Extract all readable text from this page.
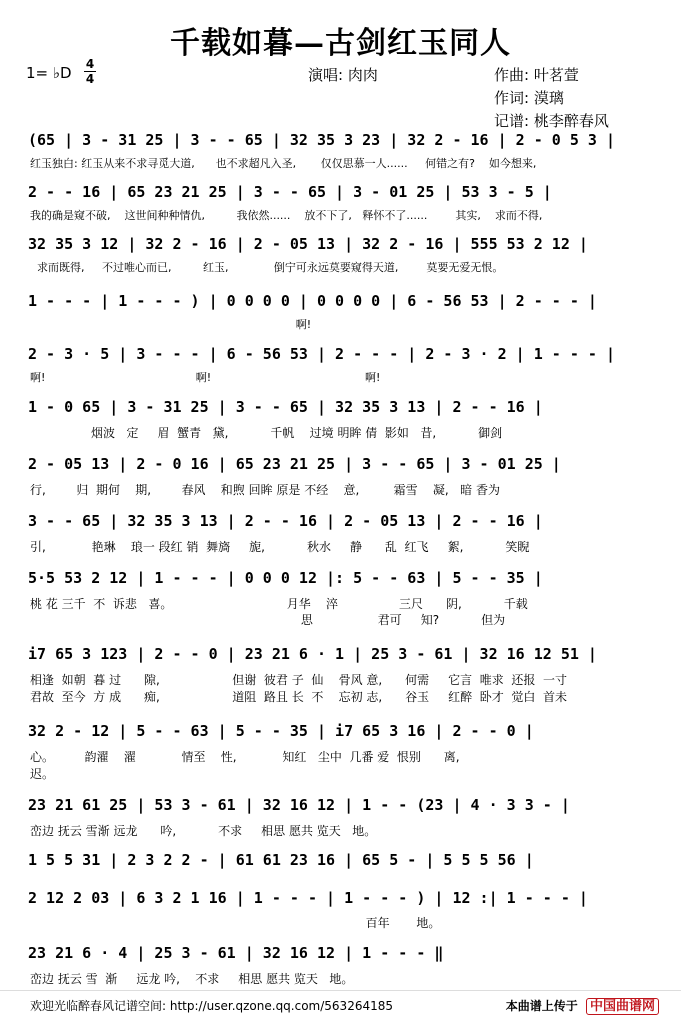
千载如暮—古剑红玉同人
1= ♭D 4
4	演唱: 肉肉	作曲: 叶茗萱
作词: 漠璃
记谱: 桃李醉春风
(65 | 3 - 31 25 | 3 - - 65 | 32 35 3 23 | 32 2 - 16 | 2 - 0 5 3 |
红玉独白: 红玉从来不求寻觅大道,      也不求超凡入圣,       仅仅思慕一人......     何错之有?    如今想来,
2 - - 16 | 65 23 21 25 | 3 - - 65 | 3 - 01 25 | 53 3 - 5 |
我的确是窥不破,    这世间种种情仇,         我依然......    放不下了,   释怀不了......        其实,    求而不得,
32 35 3 12 | 32 2 - 16 | 2 - 05 13 | 32 2 - 16 | 555 53 2 12 |
求而既得,     不过唯心而已,         红玉,             倒宁可永远莫要窥得天道,        莫要无爱无恨。
1 - - - | 1 - - - ) | 0 0 0 0 | 0 0 0 0 | 6 - 56 53 | 2 - - - |
啊!
2 - 3 · 5 | 3 - - - | 6 - 56 53 | 2 - - - | 2 - 3 · 2 | 1 - - - |
啊!                                           啊!                                            啊!
1 - 0 65 | 3 - 31 25 | 3 - - 65 | 32 35 3 13 | 2 - - 16 |
烟波   定     眉  蟹青   黛,           千帆    过境 明眸 倩  影如   昔,           御剑
2 - 05 13 | 2 - 0 16 | 65 23 21 25 | 3 - - 65 | 3 - 01 25 |
行,        归  期何    期,        春风    和煦 回眸 原是 不经    意,         霜雪    凝,   暗 香为
3 - - 65 | 32 35 3 13 | 2 - - 16 | 2 - 05 13 | 2 - - 16 |
引,            艳琳    琅一 段红 销  舞旖     旎,           秋水     静      乱  红飞     絮,           笑睨
5·5 53 2 12 | 1 - - - | 0 0 0 12 |: 5 - - 63 | 5 - - 35 |
桃 花 三千  不  诉悲   喜。                              月华    淬                三尺      阴,           千载
思                 君可     知?           但为
i7 65 3 123 | 2 - - 0 | 23 21 6 · 1 | 25 3 - 61 | 32 16 12 51 |
相逢  如朝  暮 过      隙,                   但谢  彼君 子  仙    骨风 意,      何需     它言  唯求  还报  一寸
君故  至今  方 成      痴,                   道阻  路且 长  不    忘初 志,      谷玉     红醉  卧才  觉白  首未
32 2 - 12 | 5 - - 63 | 5 - - 35 | i7 65 3 16 | 2 - - 0 |
心。        韵濯    濯            情至    性,            知红   尘中  几番 爱  恨别      离,
迟。
23 21 61 25 | 53 3 - 61 | 32 16 12 | 1 - - (23 | 4 · 3 3 - |
峦边 抚云 雪渐 远龙      吟,           不求     相思 愿共 览天   地。
1 5 5 31 | 2 3 2 2 - | 61 61 23 16 | 65 5 - | 5 5 5 56 |
2 12 2 03 | 6 3 2 1 16 | 1 - - - | 1 - - - ) | 12 :| 1 - - - |
百年       地。
23 21 6 · 4 | 25 3 - 61 | 32 16 12 | 1 - - - ‖
峦边 抚云 雪  渐     远龙 吟,    不求     相思 愿共 览天   地。
欢迎光临醉春风记谱空间: http://user.qzone.qq.com/563264185	本曲谱上传于 中国曲谱网
